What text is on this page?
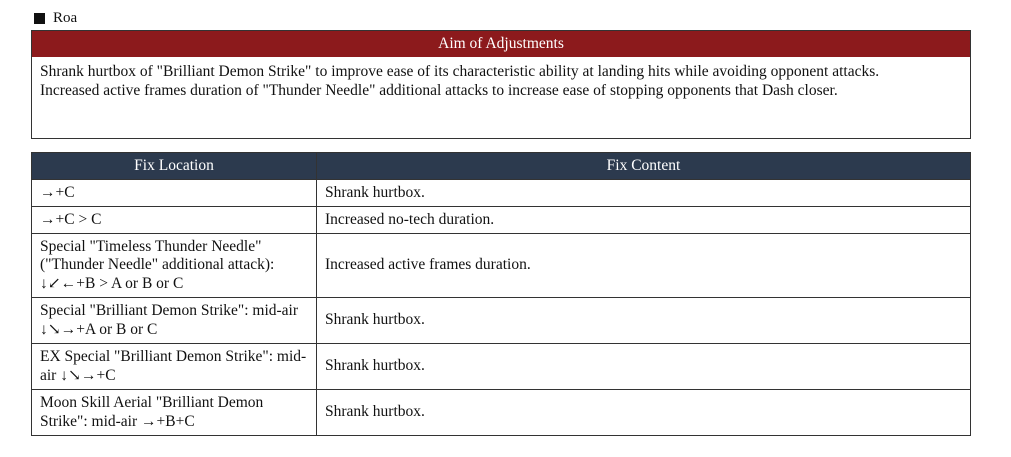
Roa
Aim of Adjustments

Shrank hurtbox of "Brilliant Demon Strike" to improve ease of its characteristic ability at landing hits while avoiding opponent attacks.

Increased active frames duration of "Thunder Needle" additional attacks to increase ease of stopping opponents that Dash closer.

Fix Location	Fix Content
→+C	Shrank hurtbox.
→+C > C	Increased no-tech duration.
Special "Timeless Thunder Needle" ("Thunder Needle" additional attack): ↓↙←+B > A or B or C	Increased active frames duration.
Special "Brilliant Demon Strike": mid-air ↓↘→+A or B or C	Shrank hurtbox.
EX Special "Brilliant Demon Strike": mid-air ↓↘→+C	Shrank hurtbox.
Moon Skill Aerial "Brilliant Demon Strike": mid-air →+B+C	Shrank hurtbox.
